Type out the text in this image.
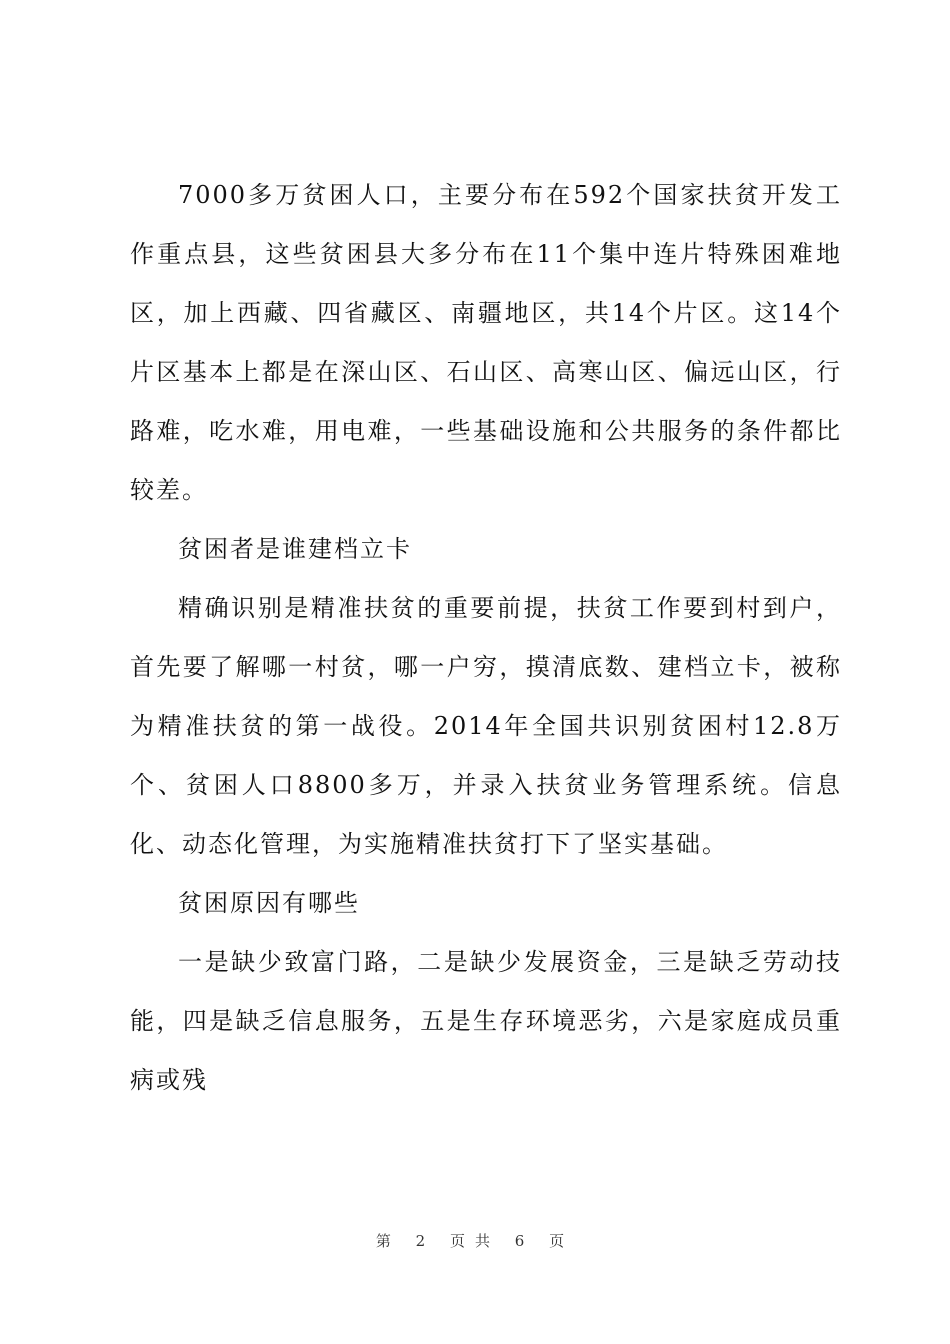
7000多万贫困人口，主要分布在592个国家扶贫开发工作重点县，这些贫困县大多分布在11个集中连片特殊困难地区，加上西藏、四省藏区、南疆地区，共14个片区。这14个片区基本上都是在深山区、石山区、高寒山区、偏远山区，行路难，吃水难，用电难，一些基础设施和公共服务的条件都比较差。

贫困者是谁建档立卡

精确识别是精准扶贫的重要前提，扶贫工作要到村到户，首先要了解哪一村贫，哪一户穷，摸清底数、建档立卡，被称为精准扶贫的第一战役。2014年全国共识别贫困村12.8万个、贫困人口8800多万，并录入扶贫业务管理系统。信息化、动态化管理，为实施精准扶贫打下了坚实基础。

贫困原因有哪些

一是缺少致富门路，二是缺少发展资金，三是缺乏劳动技能，四是缺乏信息服务，五是生存环境恶劣，六是家庭成员重病或残

第 2 页共 6 页
